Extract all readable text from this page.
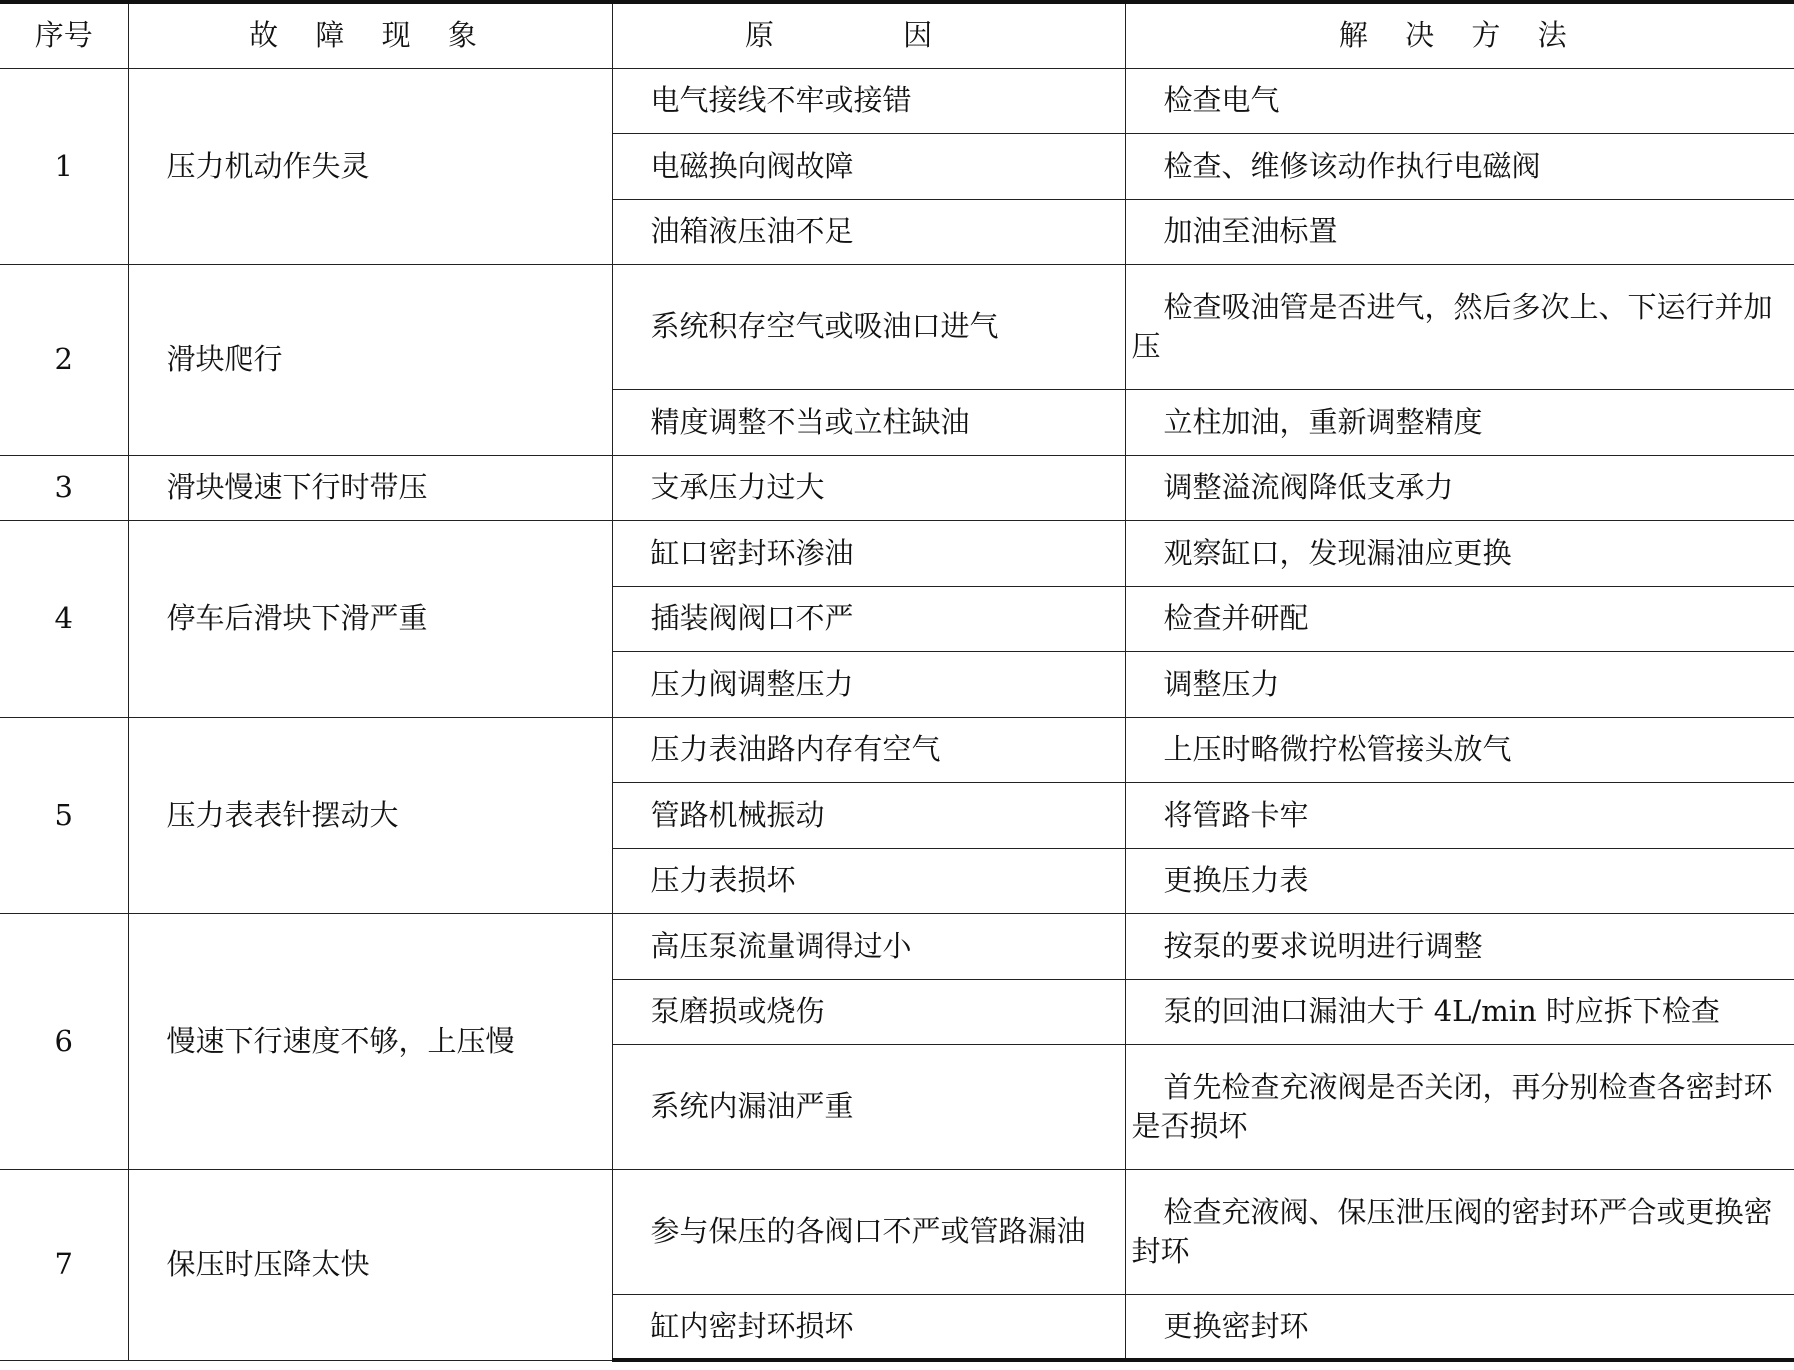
序号	故 障 现 象	原 因	解 决 方 法
1	压力机动作失灵	电气接线不牢或接错	检查电气
		电磁换向阀故障	检查、维修该动作执行电磁阀
		油箱液压油不足	加油至油标置
2	滑块爬行	系统积存空气或吸油口进气	检查吸油管是否进气，然后多次上、下运行并加压
		精度调整不当或立柱缺油	立柱加油，重新调整精度
3	滑块慢速下行时带压	支承压力过大	调整溢流阀降低支承力
4	停车后滑块下滑严重	缸口密封环渗油	观察缸口，发现漏油应更换
		插装阀阀口不严	检查并研配
		压力阀调整压力	调整压力
5	压力表表针摆动大	压力表油路内存有空气	上压时略微拧松管接头放气
		管路机械振动	将管路卡牢
		压力表损坏	更换压力表
6	慢速下行速度不够，上压慢	高压泵流量调得过小	按泵的要求说明进行调整
		泵磨损或烧伤	泵的回油口漏油大于 4L/min 时应拆下检查
		系统内漏油严重	首先检查充液阀是否关闭，再分别检查各密封环是否损坏
7	保压时压降太快	参与保压的各阀口不严或管路漏油	检查充液阀、保压泄压阀的密封环严合或更换密封环
		缸内密封环损坏	更换密封环
